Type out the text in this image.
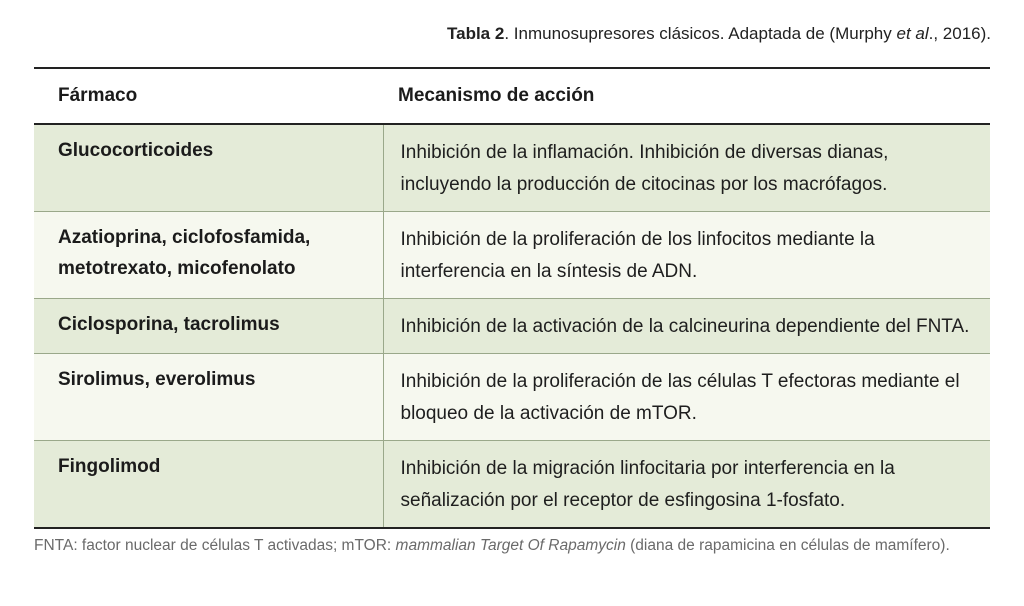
Tabla 2. Inmunosupresores clásicos. Adaptada de (Murphy et al., 2016).
Fármaco	Mecanismo de acción
Glucocorticoides	Inhibición de la inflamación. Inhibición de diversas dianas, incluyendo la producción de citocinas por los macrófagos.
Azatioprina, ciclofosfamida, metotrexato, micofenolato	Inhibición de la proliferación de los linfocitos mediante la interferencia en la síntesis de ADN.
Ciclosporina, tacrolimus	Inhibición de la activación de la calcineurina dependiente del FNTA.
Sirolimus, everolimus	Inhibición de la proliferación de las células T efectoras mediante el bloqueo de la activación de mTOR.
Fingolimod	Inhibición de la migración linfocitaria por interferencia en la señalización por el receptor de esfingosina 1-fosfato.
FNTA: factor nuclear de células T activadas; mTOR: mammalian Target Of Rapamycin (diana de rapamicina en células de mamífero).
